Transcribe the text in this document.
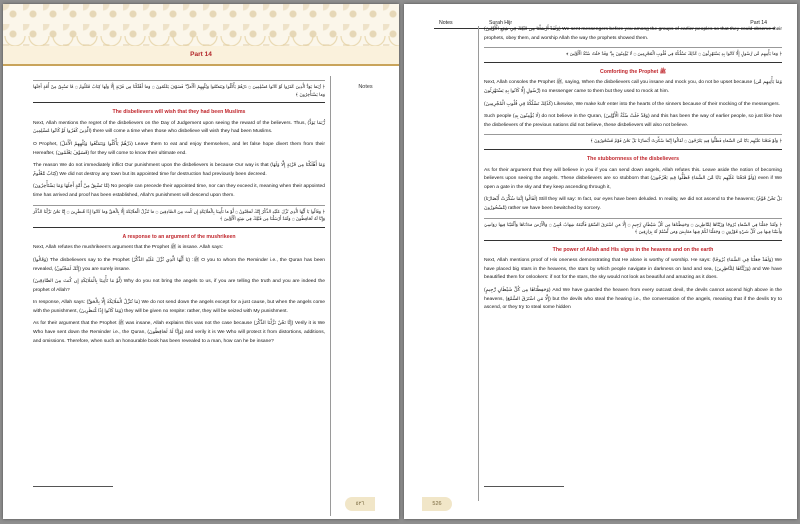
Part 14
Notes
﴿ رُّبَمَا يَوَدُّ الَّذِينَ كَفَرُوا لَوْ كَانُوا مُسْلِمِينَ ۝ ذَرْهُمْ يَأْكُلُوا وَيَتَمَتَّعُوا وَيُلْهِهِمُ الْأَمَلُ ۖ فَسَوْفَ يَعْلَمُونَ ۝ وَمَا أَهْلَكْنَا مِن قَرْيَةٍ إِلَّا وَلَهَا كِتَابٌ مَّعْلُومٌ ۝ مَّا تَسْبِقُ مِنْ أُمَّةٍ أَجَلَهَا وَمَا يَسْتَأْخِرُونَ ﴾
The disbelievers will wish that they had been Muslims

Next, Allah mentions the regret of the disbelievers on the Day of Judgement upon seeing the reward of the believers. Thus, (رُّبَمَا يَوَدُّ الَّذِينَ كَفَرُوا لَوْ كَانُوا مُسْلِمِينَ) there will come a time when those who disbelieve will wish they had been Muslims.

O Prophet, (ذَرْهُمْ يَأْكُلُوا وَيَتَمَتَّعُوا وَيُلْهِهِمُ الْأَمَلُ) Leave them to eat and enjoy themselves, and let false hope divert them from their Hereafter, (فَسَوْفَ يَعْلَمُونَ) for they will come to know their ultimate end.

The reason We do not immediately inflict Our punishment upon the disbelievers is because Our way is that (وَمَا أَهْلَكْنَا مِن قَرْيَةٍ إِلَّا وَلَهَا كِتَابٌ مَّعْلُومٌ) We did not destroy any town but its appointed time for destruction had previously been decreed.

(مَّا تَسْبِقُ مِنْ أُمَّةٍ أَجَلَهَا وَمَا يَسْتَأْخِرُونَ) No people can precede their appointed time, nor can they exceed it, meaning when their appointed time has arrived and proof has been established, Allah's punishment will descend upon them.

﴿ وَقَالُوا يَا أَيُّهَا الَّذِي نُزِّلَ عَلَيْهِ الذِّكْرُ إِنَّكَ لَمَجْنُونٌ ۝ لَّوْ مَا تَأْتِينَا بِالْمَلَائِكَةِ إِن كُنتَ مِنَ الصَّادِقِينَ ۝ مَا نُنَزِّلُ الْمَلَائِكَةَ إِلَّا بِالْحَقِّ وَمَا كَانُوا إِذًا مُّنظَرِينَ ۝ إِنَّا نَحْنُ نَزَّلْنَا الذِّكْرَ وَإِنَّا لَهُ لَحَافِظُونَ ۝ وَلَقَدْ أَرْسَلْنَا مِن قَبْلِكَ فِي شِيَعِ الْأَوَّلِينَ ﴾
A response to an argument of the mushrikeen

Next, Allah refutes the mushrikeen's argument that the Prophet ﷺ is insane. Allah says:

(وَقَالُوا) The disbelievers say to the Prophet ﷺ: (يَا أَيُّهَا الَّذِي نُزِّلَ عَلَيْهِ الذِّكْرُ) O you to whom the Reminder i.e., the Quran has been revealed, (إِنَّكَ لَمَجْنُونٌ) you are surely insane.

(لَّوْ مَا تَأْتِينَا بِالْمَلَائِكَةِ إِن كُنتَ مِنَ الصَّادِقِينَ) Why do you not bring the angels to us, if you are telling the truth and you are indeed the prophet of Allah?

In response, Allah says: (مَا نُنَزِّلُ الْمَلَائِكَةَ إِلَّا بِالْحَقِّ) We do not send down the angels except for a just cause, but when the angels come with the punishment, (وَمَا كَانُوا إِذًا مُّنظَرِينَ) they will be given no respite: rather, they will be seized with My punishment.

As for their argument that the Prophet ﷺ was insane, Allah explains this was not the case because (إِنَّا نَحْنُ نَزَّلْنَا الذِّكْرَ) Verily it is We Who have sent down the Reminder i.e., the Quran, (وَإِنَّا لَهُ لَحَافِظُونَ) and verily it is We Who will protect it from distortions, additions, and omissions. Therefore, when such an honourable book has been revealed to a man, how can he be insane?

٥٢٦
Notes	Surah Hijr	Part 14

(وَلَقَدْ أَرْسَلْنَا مِن قَبْلِكَ فِي شِيَعِ الْأَوَّلِينَ) We sent messengers before you among the groups of earlier peoples so that they could observe their prophets, obey them, and worship Allah the way the prophets showed them.

﴿ وَمَا يَأْتِيهِم مِّن رَّسُولٍ إِلَّا كَانُوا بِهِ يَسْتَهْزِئُونَ ۝ كَذَٰلِكَ نَسْلُكُهُ فِي قُلُوبِ الْمُجْرِمِينَ ۝ لَا يُؤْمِنُونَ بِهِ ۖ وَقَدْ خَلَتْ سُنَّةُ الْأَوَّلِينَ ﴾
Comforting the Prophet ﷺ

Next, Allah consoles the Prophet ﷺ, saying, When the disbelievers call you insane and mock you, do not be upset because (وَمَا يَأْتِيهِم مِّن رَّسُولٍ إِلَّا كَانُوا بِهِ يَسْتَهْزِئُونَ) no messenger came to them but they used to mock at him.

(كَذَٰلِكَ نَسْلُكُهُ فِي قُلُوبِ الْمُجْرِمِينَ) Likewise, We make kufr enter into the hearts of the sinners because of their mocking of the messengers.

Such people (لَا يُؤْمِنُونَ بِهِ) do not believe in the Quran, (وَقَدْ خَلَتْ سُنَّةُ الْأَوَّلِينَ) and this has been the way of earlier people, so just like how the disbelievers of the previous nations did not believe, these disbelievers will also not believe.

﴿ وَلَوْ فَتَحْنَا عَلَيْهِم بَابًا مِّنَ السَّمَاءِ فَظَلُّوا فِيهِ يَعْرُجُونَ ۝ لَقَالُوا إِنَّمَا سُكِّرَتْ أَبْصَارُنَا بَلْ نَحْنُ قَوْمٌ مَّسْحُورُونَ ﴾
The stubbornness of the disbelievers

As for their argument that they will believe in you if you can send down angels, Allah refutes this. Leave aside the notion of becoming believers upon seeing the angels. These disbelievers are so stubborn that (وَلَوْ فَتَحْنَا عَلَيْهِم بَابًا مِّنَ السَّمَاءِ فَظَلُّوا فِيهِ يَعْرُجُونَ) even if We open a gate in the sky and they keep ascending through it,

(لَقَالُوا إِنَّمَا سُكِّرَتْ أَبْصَارُنَا) Still they will say: In fact, our eyes have been deluded. In reality, we did not ascend to the heavens; (بَلْ نَحْنُ قَوْمٌ مَّسْحُورُونَ) rather we have been bewitched by sorcery.

﴿ وَلَقَدْ جَعَلْنَا فِي السَّمَاءِ بُرُوجًا وَزَيَّنَّاهَا لِلنَّاظِرِينَ ۝ وَحَفِظْنَاهَا مِن كُلِّ شَيْطَانٍ رَّجِيمٍ ۝ إِلَّا مَنِ اسْتَرَقَ السَّمْعَ فَأَتْبَعَهُ شِهَابٌ مُّبِينٌ ۝ وَالْأَرْضَ مَدَدْنَاهَا وَأَلْقَيْنَا فِيهَا رَوَاسِيَ وَأَنبَتْنَا فِيهَا مِن كُلِّ شَيْءٍ مَّوْزُونٍ ۝ وَجَعَلْنَا لَكُمْ فِيهَا مَعَايِشَ وَمَن لَّسْتُمْ لَهُ بِرَازِقِينَ ﴾
The power of Allah and His signs in the heavens and on the earth

Next, Allah mentions proof of His oneness demonstrating that He alone is worthy of worship. He says: (وَلَقَدْ جَعَلْنَا فِي السَّمَاءِ بُرُوجًا) We have placed big stars in the heavens, the stars by which people navigate in darkness on land and sea, (وَزَيَّنَّاهَا لِلنَّاظِرِينَ) and We have beautified them for onlookers: if not for the stars, the sky would not look as beautiful and amazing as it does.

(وَحَفِظْنَاهَا مِن كُلِّ شَيْطَانٍ رَّجِيمٍ) And We have guarded the heaven from every outcast devil, the devils cannot ascend high above in the heavens, (إِلَّا مَنِ اسْتَرَقَ السَّمْعَ) but the devils who steal the hearing i.e., the conversation of the angels, meaning that if the devils try to ascend, or they try to steal some hidden

526
